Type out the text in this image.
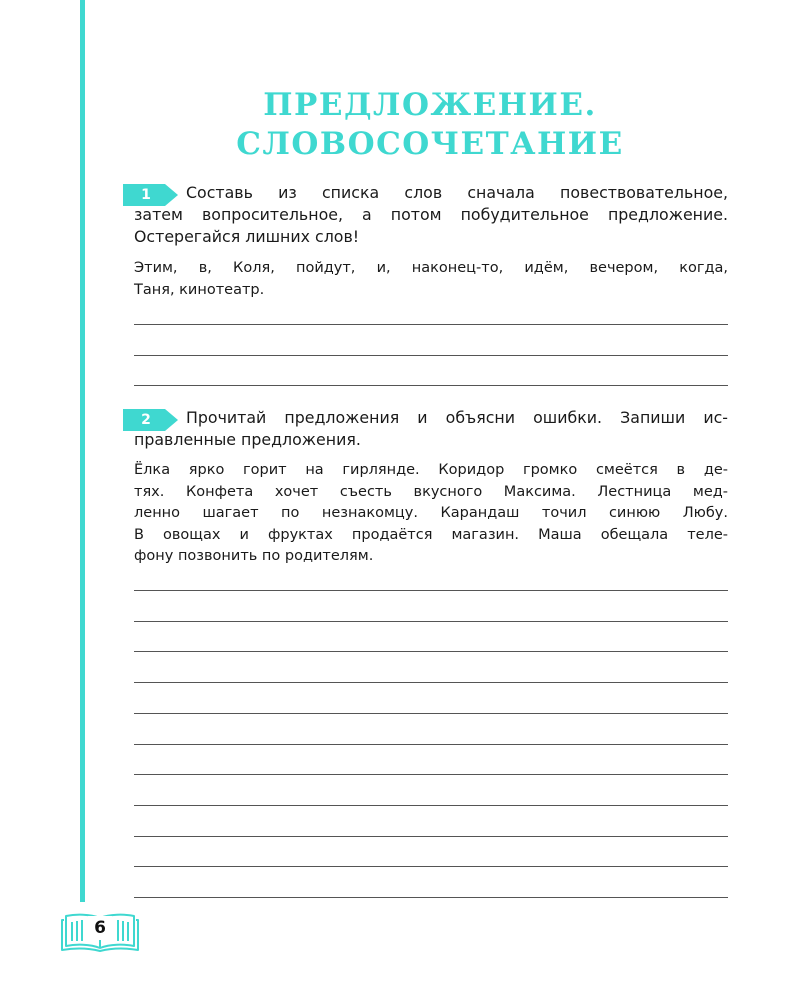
ПРЕДЛОЖЕНИЕ.
СЛОВОСОЧЕТАНИЕ
1	Составь из списка слов сначала повествовательное,
затем вопросительное, а потом побудительное предложение.
Остерегайся лишних слов!
Этим, в, Коля, пойдут, и, наконец-то, идём, вечером, когда,
Таня, кинотеатр.
2	Прочитай предложения и объясни ошибки. Запиши ис-
правленные предложения.
Ёлка ярко горит на гирлянде. Коридор громко смеётся в де-
тях. Конфета хочет съесть вкусного Максима. Лестница мед-
ленно шагает по незнакомцу. Карандаш точил синюю Любу.
В овощах и фруктах продаётся магазин. Маша обещала теле-
фону позвонить по родителям.
6
